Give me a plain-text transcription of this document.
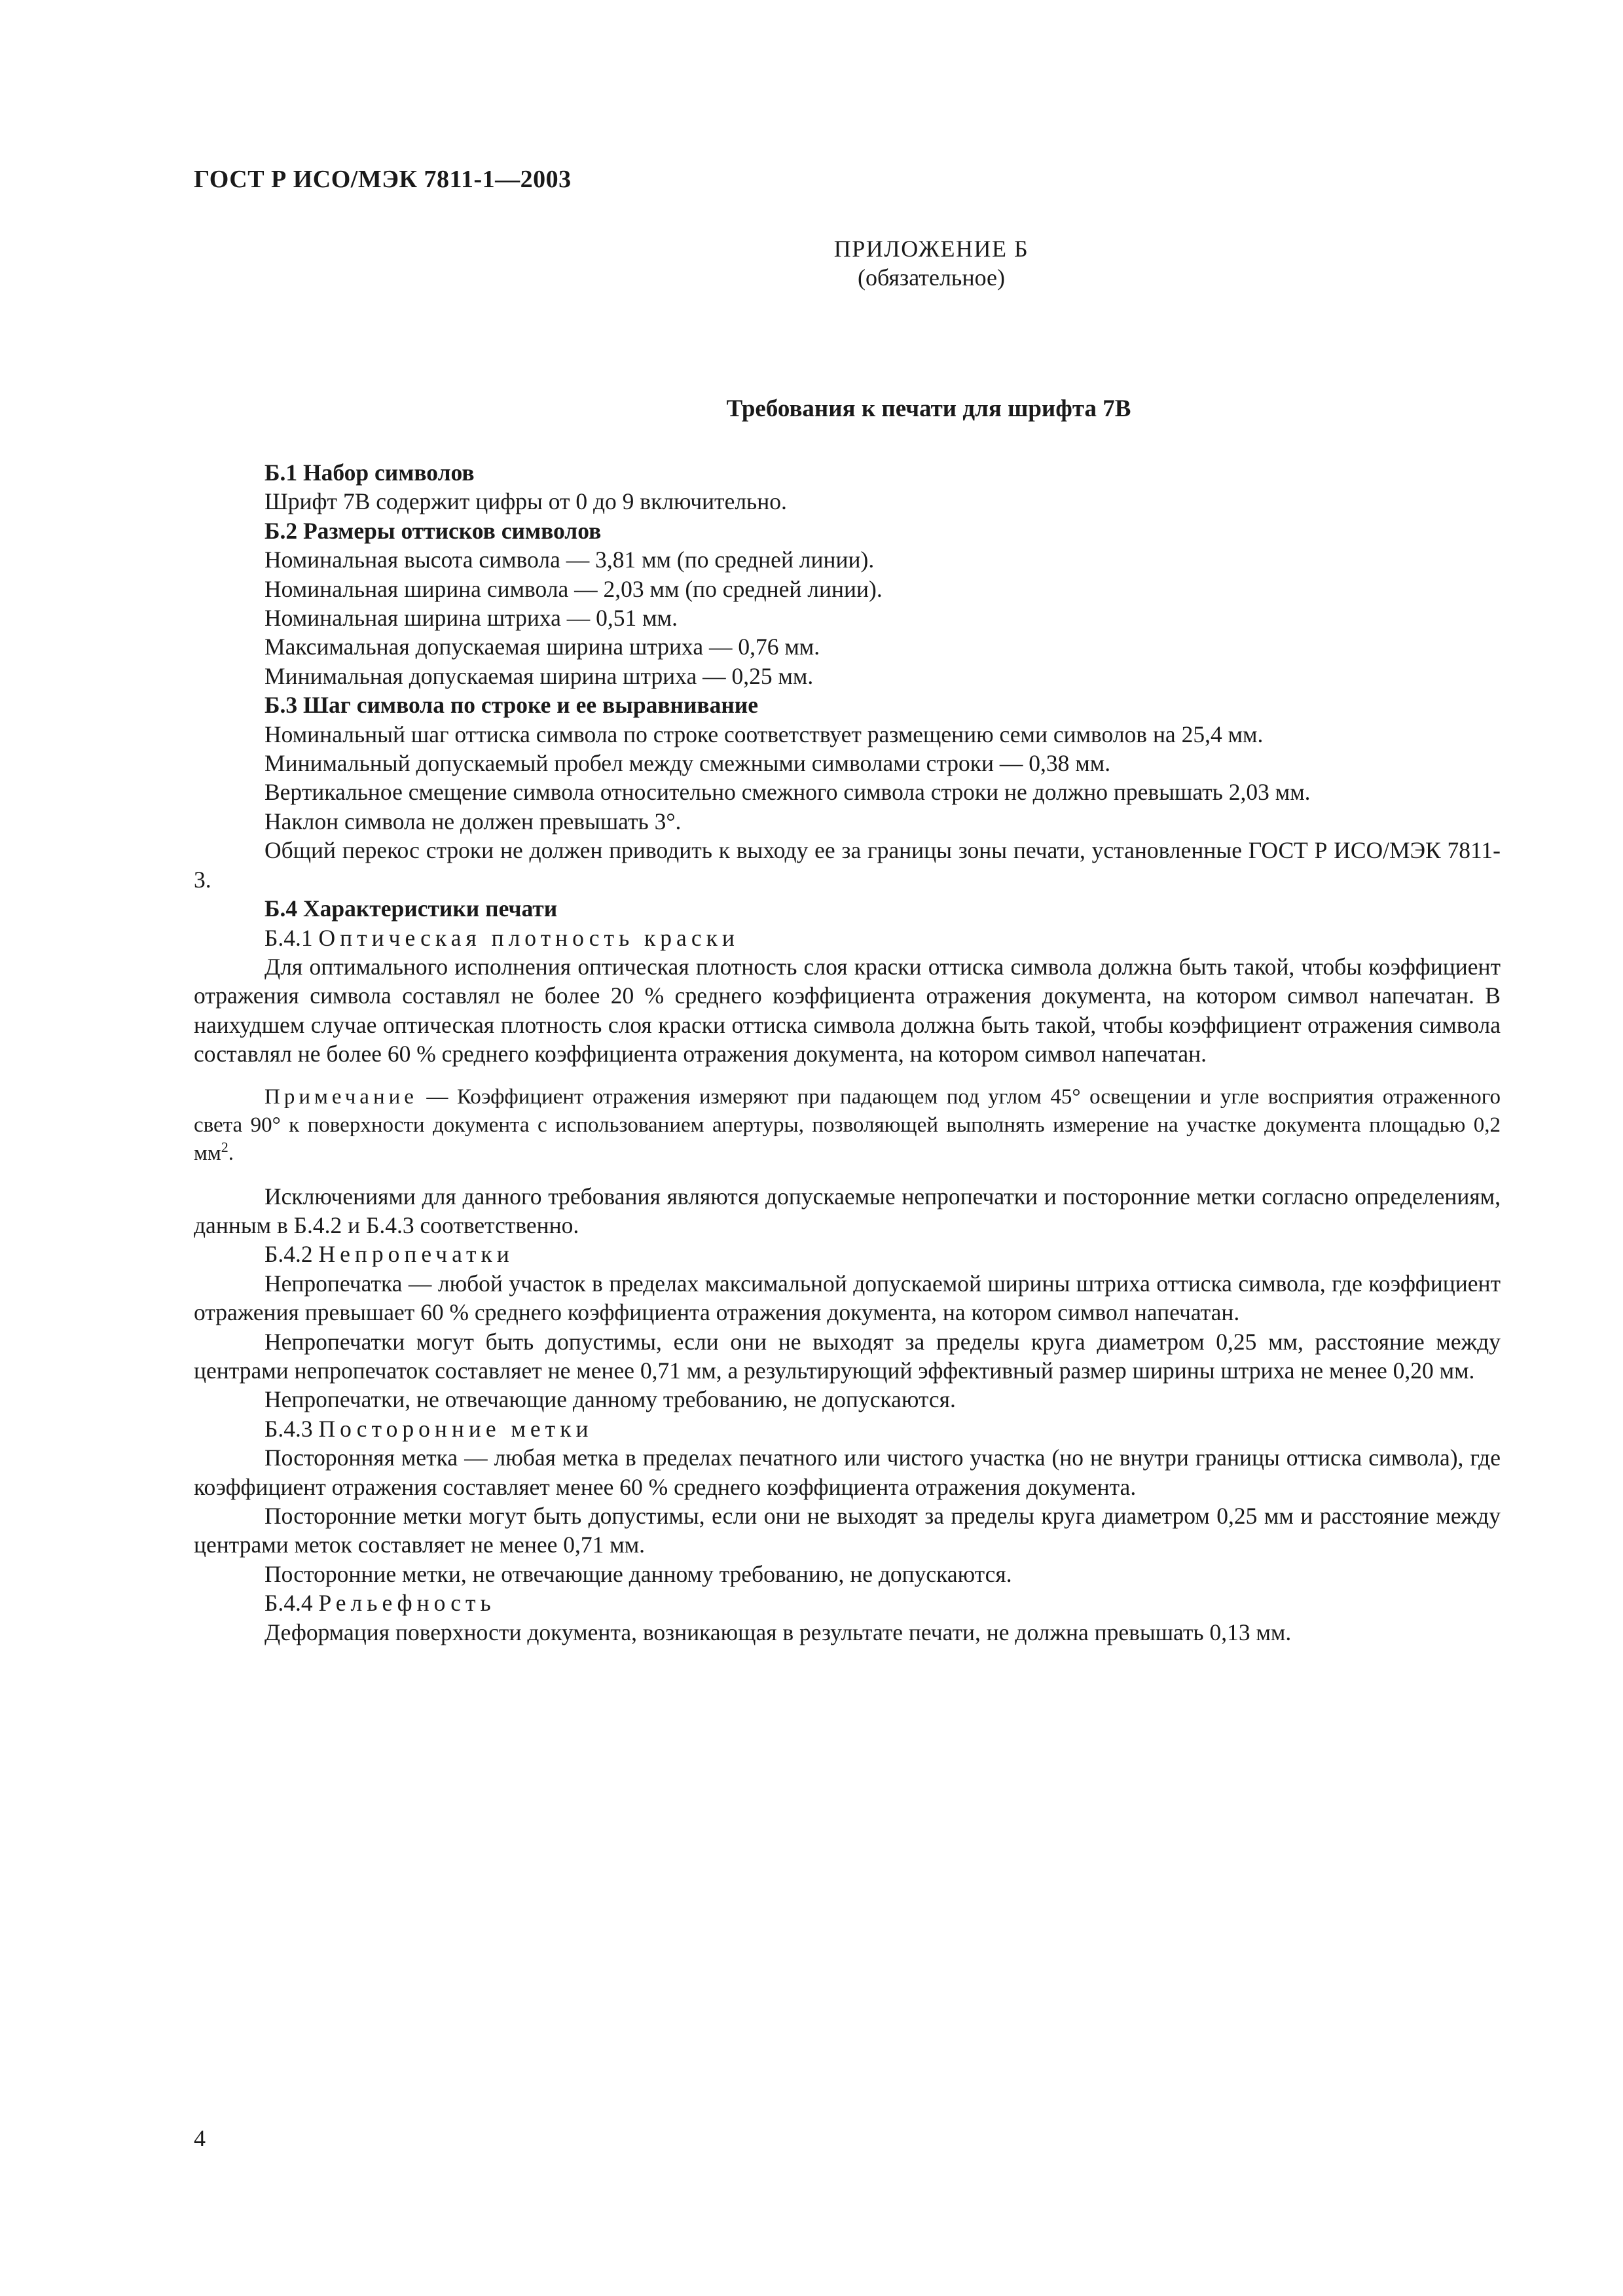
ГОСТ Р ИСО/МЭК 7811-1—2003

ПРИЛОЖЕНИЕ Б
(обязательное)
Требования к печати для шрифта 7В
Б.1 Набор символов

Шрифт 7В содержит цифры от 0 до 9 включительно.

Б.2 Размеры оттисков символов

Номинальная высота символа — 3,81 мм (по средней линии).

Номинальная ширина символа — 2,03 мм (по средней линии).

Номинальная ширина штриха — 0,51 мм.

Максимальная допускаемая ширина штриха — 0,76 мм.

Минимальная допускаемая ширина штриха — 0,25 мм.

Б.3 Шаг символа по строке и ее выравнивание

Номинальный шаг оттиска символа по строке соответствует размещению семи символов на 25,4 мм.

Минимальный допускаемый пробел между смежными символами строки — 0,38 мм.

Вертикальное смещение символа относительно смежного символа строки не должно превышать 2,03 мм.

Наклон символа не должен превышать 3°.

Общий перекос строки не должен приводить к выходу ее за границы зоны печати, установленные ГОСТ Р ИСО/МЭК 7811-3.

Б.4 Характеристики печати
Б.4.1 Оптическая плотность краски

Для оптимального исполнения оптическая плотность слоя краски оттиска символа должна быть такой, чтобы коэффициент отражения символа составлял не более 20 % среднего коэффициента отражения документа, на котором символ напечатан. В наихудшем случае оптическая плотность слоя краски оттиска символа должна быть такой, чтобы коэффициент отражения символа составлял не более 60 % среднего коэффициента отражения документа, на котором символ напечатан.

Примечание — Коэффициент отражения измеряют при падающем под углом 45° освещении и угле восприятия отраженного света 90° к поверхности документа с использованием апертуры, позволяющей выполнять измерение на участке документа площадью 0,2 $мм^2$.

Исключениями для данного требования являются допускаемые непропечатки и посторонние метки согласно определениям, данным в Б.4.2 и Б.4.3 соответственно.

Б.4.2 Непропечатки

Непропечатка — любой участок в пределах максимальной допускаемой ширины штриха оттиска символа, где коэффициент отражения превышает 60 % среднего коэффициента отражения документа, на котором символ напечатан.

Непропечатки могут быть допустимы, если они не выходят за пределы круга диаметром 0,25 мм, расстояние между центрами непропечаток составляет не менее 0,71 мм, а результирующий эффективный размер ширины штриха не менее 0,20 мм.

Непропечатки, не отвечающие данному требованию, не допускаются.

Б.4.3 Посторонние метки

Посторонняя метка — любая метка в пределах печатного или чистого участка (но не внутри границы оттиска символа), где коэффициент отражения составляет менее 60 % среднего коэффициента отражения документа.

Посторонние метки могут быть допустимы, если они не выходят за пределы круга диаметром 0,25 мм и расстояние между центрами меток составляет не менее 0,71 мм.

Посторонние метки, не отвечающие данному требованию, не допускаются.

Б.4.4 Рельефность

Деформация поверхности документа, возникающая в результате печати, не должна превышать 0,13 мм.

4
